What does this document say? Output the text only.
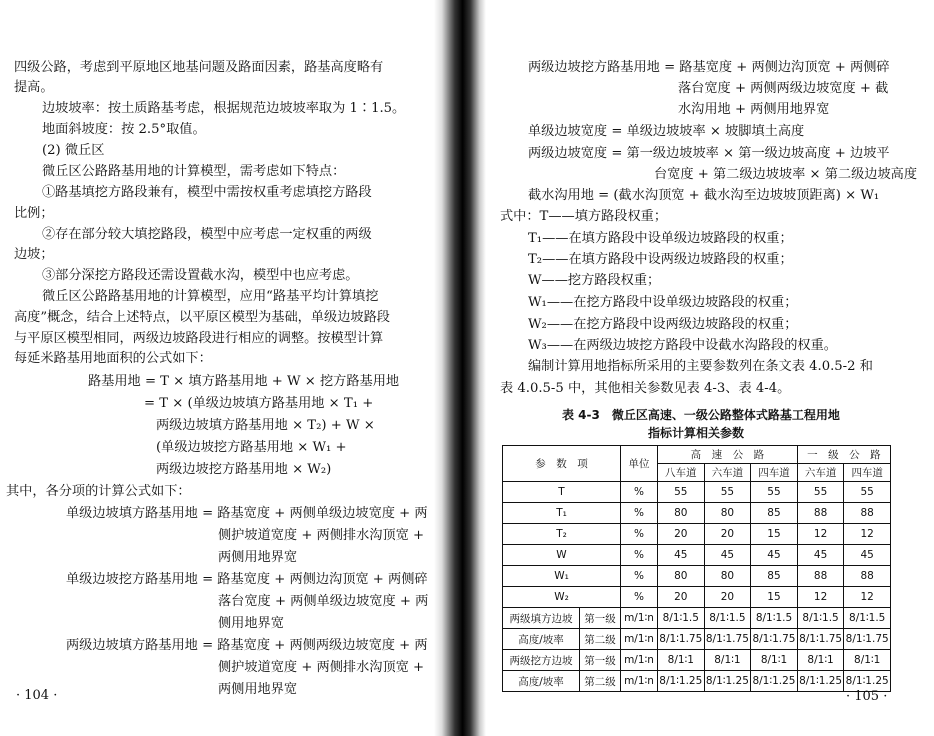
四级公路，考虑到平原地区地基问题及路面因素，路基高度略有
提高。
边坡坡率：按土质路基考虑，根据规范边坡坡率取为 1∶1.5。
地面斜坡度：按 2.5°取值。
(2) 微丘区
微丘区公路路基用地的计算模型，需考虑如下特点：
①路基填挖方路段兼有，模型中需按权重考虑填挖方路段
比例；
②存在部分较大填挖路段，模型中应考虑一定权重的两级
边坡；
③部分深挖方路段还需设置截水沟，模型中也应考虑。
微丘区公路路基用地的计算模型，应用“路基平均计算填挖
高度”概念，结合上述特点，以平原区模型为基础，单级边坡路段
与平原区模型相同，两级边坡路段进行相应的调整。按模型计算
每延米路基用地面积的公式如下：
路基用地 = T × 填方路基用地 + W × 挖方路基用地
= T × (单级边坡填方路基用地 × T₁ +
两级边坡填方路基用地 × T₂) + W ×
(单级边坡挖方路基用地 × W₁ +
两级边坡挖方路基用地 × W₂)
其中，各分项的计算公式如下：
单级边坡填方路基用地 = 路基宽度 + 两侧单级边坡宽度 + 两
侧护坡道宽度 + 两侧排水沟顶宽 +
两侧用地界宽
单级边坡挖方路基用地 = 路基宽度 + 两侧边沟顶宽 + 两侧碎
落台宽度 + 两侧单级边坡宽度 + 两
侧用地界宽
两级边坡填方路基用地 = 路基宽度 + 两侧两级边坡宽度 + 两
侧护坡道宽度 + 两侧排水沟顶宽 +
两侧用地界宽
· 104 ·
两级边坡挖方路基用地 = 路基宽度 + 两侧边沟顶宽 + 两侧碎
落台宽度 + 两侧两级边坡宽度 + 截
水沟用地 + 两侧用地界宽
单级边坡宽度 = 单级边坡坡率 × 坡脚填土高度
两级边坡宽度 = 第一级边坡坡率 × 第一级边坡高度 + 边坡平
台宽度 + 第二级边坡坡率 × 第二级边坡高度
截水沟用地 = (截水沟顶宽 + 截水沟至边坡坡顶距离) × W₁
式中：T——填方路段权重；
T₁——在填方路段中设单级边坡路段的权重；
T₂——在填方路段中设两级边坡路段的权重；
W——挖方路段权重；
W₁——在挖方路段中设单级边坡路段的权重；
W₂——在挖方路段中设两级边坡路段的权重；
W₃——在两级边坡挖方路段中设截水沟路段的权重。
编制计算用地指标所采用的主要参数列在条文表 4.0.5-2 和
表 4.0.5-5 中，其他相关参数见表 4-3、表 4-4。
表 4-3　微丘区高速、一级公路整体式路基工程用地
指标计算相关参数
参　数　项		单位	高　速　公　路			一　级　公　路	
			八车道	六车道	四车道	六车道	四车道
T		%	55	55	55	55	55
T₁		%	80	80	85	88	88
T₂		%	20	20	15	12	12
W		%	45	45	45	45	45
W₁		%	80	80	85	88	88
W₂		%	20	20	15	12	12
两级填方边坡	第一级	m/1∶n	8/1∶1.5	8/1∶1.5	8/1∶1.5	8/1∶1.5	8/1∶1.5
高度/坡率	第二级	m/1∶n	8/1∶1.75	8/1∶1.75	8/1∶1.75	8/1∶1.75	8/1∶1.75
两级挖方边坡	第一级	m/1∶n	8/1∶1	8/1∶1	8/1∶1	8/1∶1	8/1∶1
高度/坡率	第二级	m/1∶n	8/1∶1.25	8/1∶1.25	8/1∶1.25	8/1∶1.25	8/1∶1.25
· 105 ·
